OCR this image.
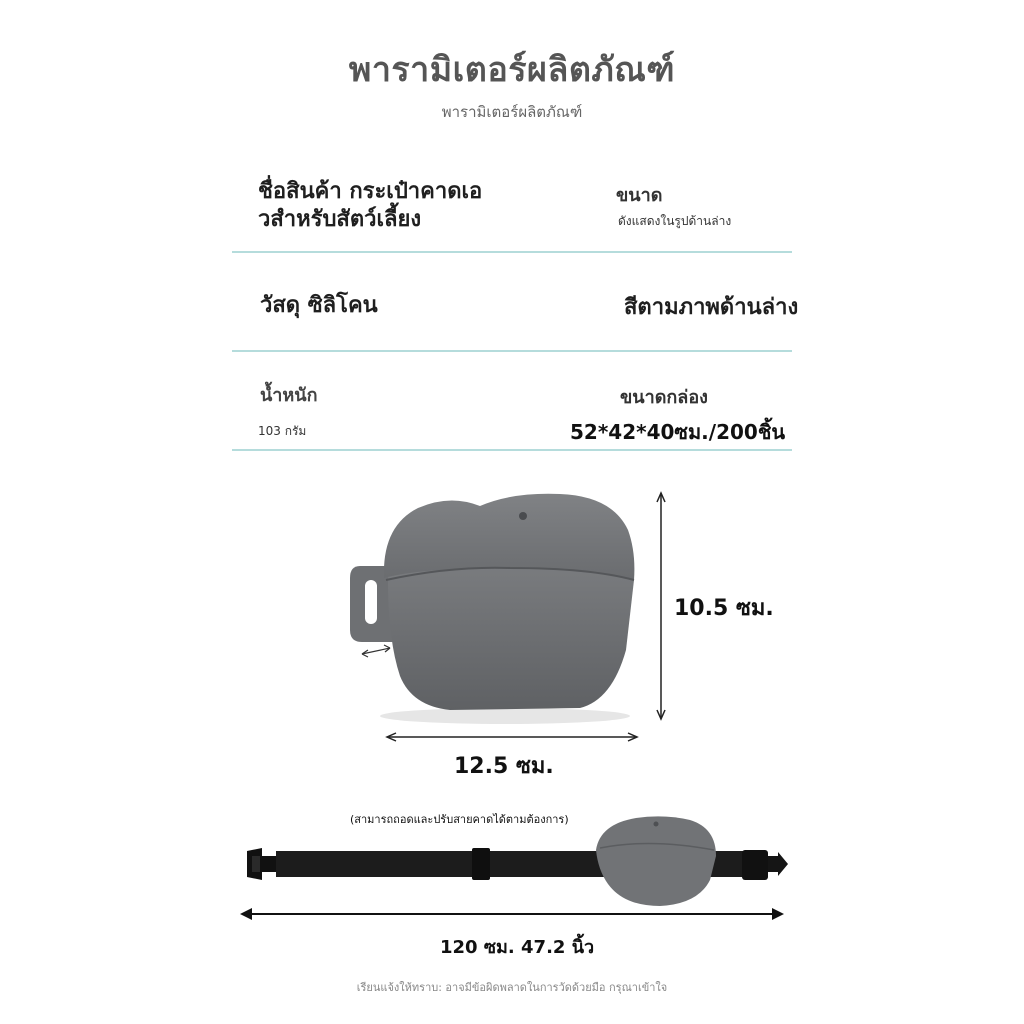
พารามิเตอร์ผลิตภัณฑ์
พารามิเตอร์ผลิตภัณฑ์
ชื่อสินค้า กระเป๋าคาดเอ
วสำหรับสัตว์เลี้ยง
ขนาด
ดังแสดงในรูปด้านล่าง
วัสดุ ซิลิโคน	สีตามภาพด้านล่าง
น้ำหนัก
103 กรัม
ขนาดกล่อง
52*42*40ซม./200ชิ้น
10.5 ซม.
12.5 ซม.
(สามารถถอดและปรับสายคาดได้ตามต้องการ)
120 ซม. 47.2 นิ้ว
เรียนแจ้งให้ทราบ: อาจมีข้อผิดพลาดในการวัดด้วยมือ กรุณาเข้าใจ
